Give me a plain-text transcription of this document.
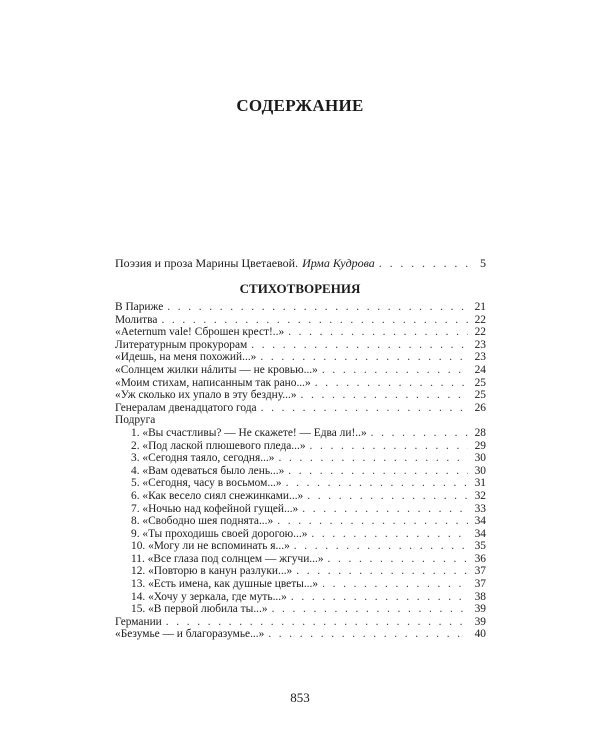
СОДЕРЖАНИЕ
Поэзия и проза Марины Цветаевой. Ирма Кудрова . . .	5
СТИХОТВОРЕНИЯ
В Париже . . .	21
Молитва . . .	22
«Aeternum vale! Сброшен крест!..» . . .	22
Литературным прокурорам . . .	23
«Идешь, на меня похожий...» . . .	23
«Солнцем жилки нáлиты — не кровью...» . . .	24
«Моим стихам, написанным так рано...» . . .	25
«Уж сколько их упало в эту бездну...» . . .	25
Генералам двенадцатого года . . .	26
Подруга
1. «Вы счастливы? — Не скажете! — Едва ли!..» . . .	28
2. «Под лаской плюшевого пледа...» . . .	29
3. «Сегодня таяло, сегодня...» . . .	30
4. «Вам одеваться было лень...» . . .	30
5. «Сегодня, часу в восьмом...» . . .	31
6. «Как весело сиял снежинками...» . . .	32
7. «Ночью над кофейной гущей...» . . .	33
8. «Свободно шея поднята...» . . .	34
9. «Ты проходишь своей дорогою...» . . .	34
10. «Могу ли не вспоминать я...» . . .	35
11. «Все глаза под солнцем — жгучи...» . . .	36
12. «Повторю в канун разлуки...» . . .	37
13. «Есть имена, как душные цветы...» . . .	37
14. «Хочу у зеркала, где муть...» . . .	38
15. «В первой любила ты...» . . .	39
Германии . . .	39
«Безумье — и благоразумье...» . . .	40
853
